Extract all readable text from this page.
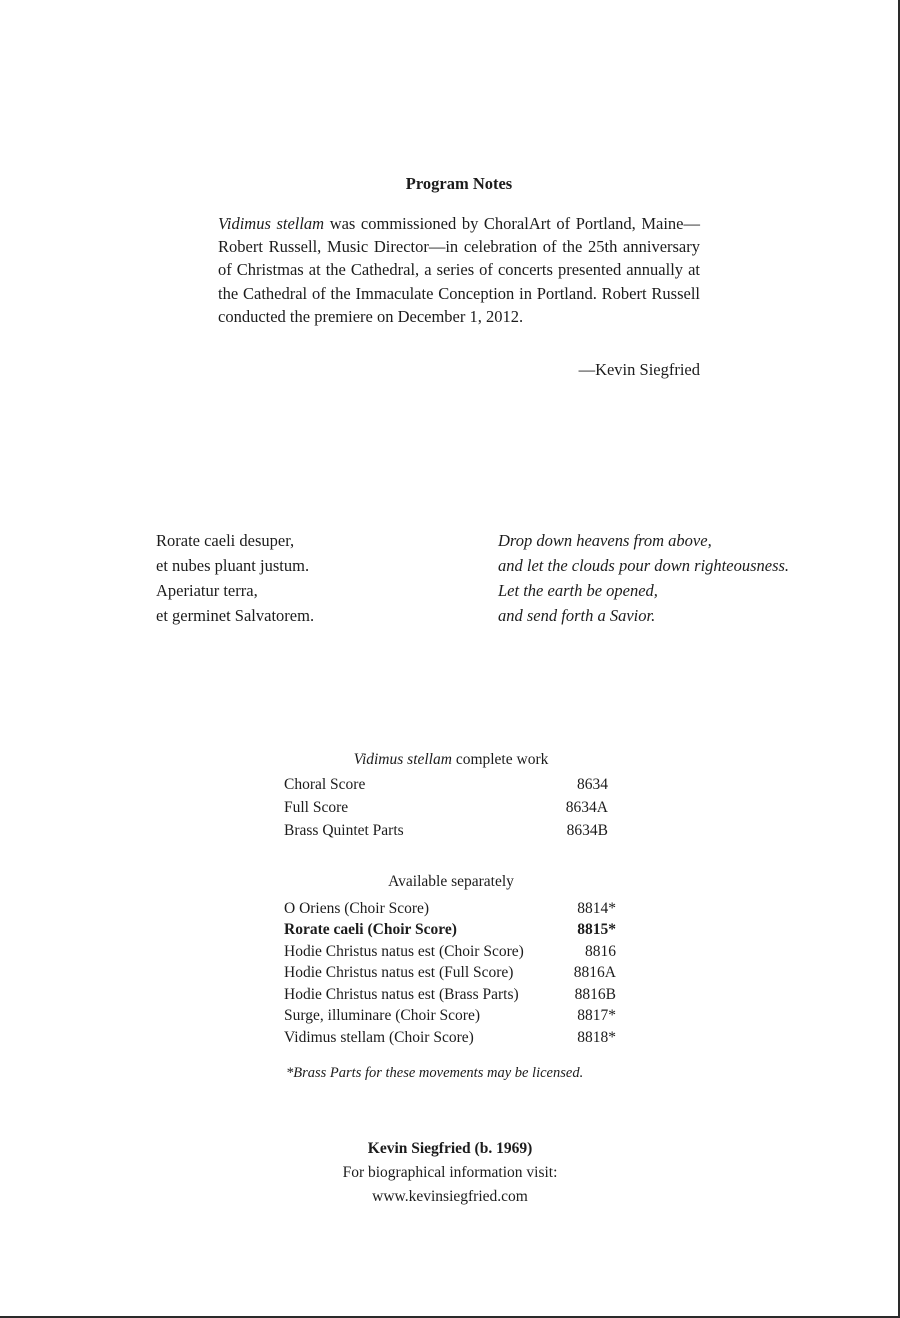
Program Notes

Vidimus stellam was commissioned by ChoralArt of Portland, Maine—Robert Russell, Music Director—in celebration of the 25th anniversary of Christmas at the Cathedral, a series of concerts presented annually at the Cathedral of the Immaculate Conception in Portland. Robert Russell conducted the premiere on December 1, 2012.

—Kevin Siegfried
Rorate caeli desuper,
et nubes pluant justum.
Aperiatur terra,
et germinet Salvatorem.
Drop down heavens from above,
and let the clouds pour down righteousness.
Let the earth be opened,
and send forth a Savior.
Vidimus stellam complete work
Choral Score	8634
Full Score	8634A
Brass Quintet Parts	8634B
Available separately
O Oriens (Choir Score)	8814*
Rorate caeli (Choir Score)	8815*
Hodie Christus natus est (Choir Score)	8816
Hodie Christus natus est (Full Score)	8816A
Hodie Christus natus est (Brass Parts)	8816B
Surge, illuminare (Choir Score)	8817*
Vidimus stellam (Choir Score)	8818*
*Brass Parts for these movements may be licensed.
Kevin Siegfried (b. 1969)
For biographical information visit:
www.kevinsiegfried.com
